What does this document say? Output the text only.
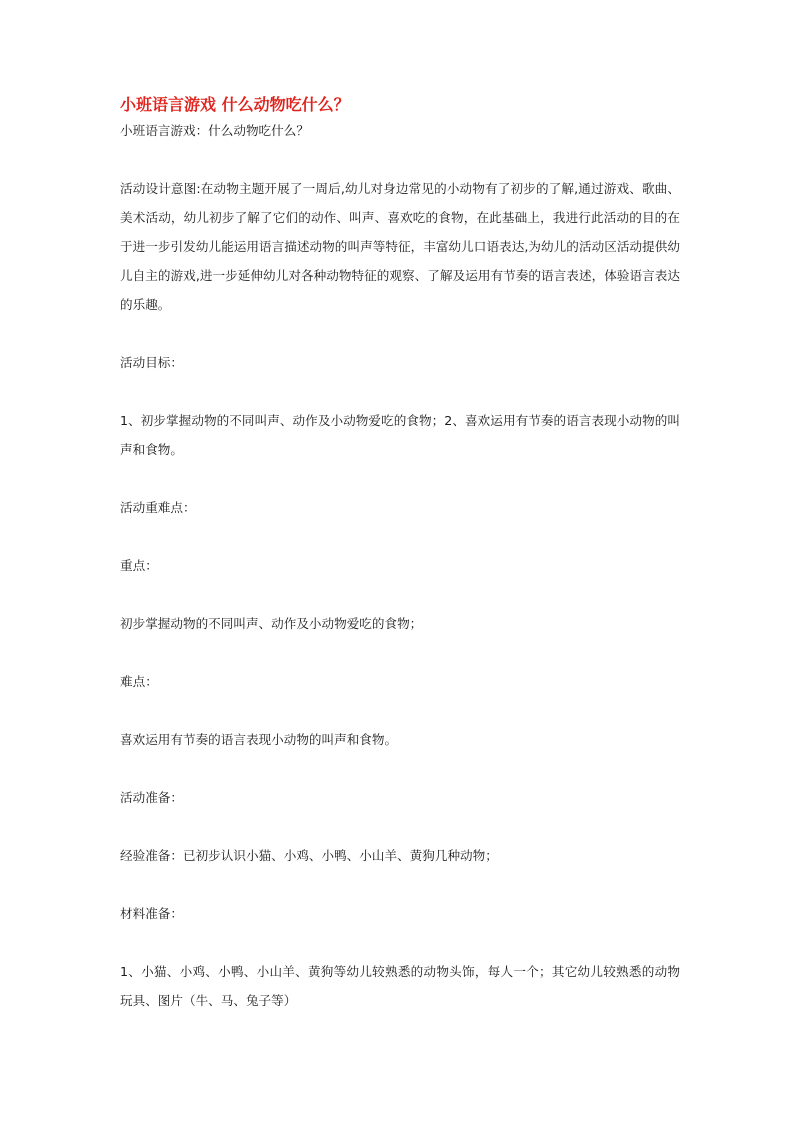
小班语言游戏 什么动物吃什么？

小班语言游戏：什么动物吃什么？

活动设计意图:在动物主题开展了一周后,幼儿对身边常见的小动物有了初步的了解,通过游戏、歌曲、美术活动，幼儿初步了解了它们的动作、叫声、喜欢吃的食物，在此基础上，我进行此活动的目的在于进一步引发幼儿能运用语言描述动物的叫声等特征，丰富幼儿口语表达,为幼儿的活动区活动提供幼儿自主的游戏,进一步延伸幼儿对各种动物特征的观察、了解及运用有节奏的语言表述，体验语言表达的乐趣。

活动目标：

1、初步掌握动物的不同叫声、动作及小动物爱吃的食物；2、喜欢运用有节奏的语言表现小动物的叫声和食物。

活动重难点：

重点：

初步掌握动物的不同叫声、动作及小动物爱吃的食物；

难点：

喜欢运用有节奏的语言表现小动物的叫声和食物。

活动准备：

经验准备：已初步认识小猫、小鸡、小鸭、小山羊、黄狗几种动物；

材料准备：

1、小猫、小鸡、小鸭、小山羊、黄狗等幼儿较熟悉的动物头饰，每人一个；其它幼儿较熟悉的动物玩具、图片（牛、马、兔子等）
